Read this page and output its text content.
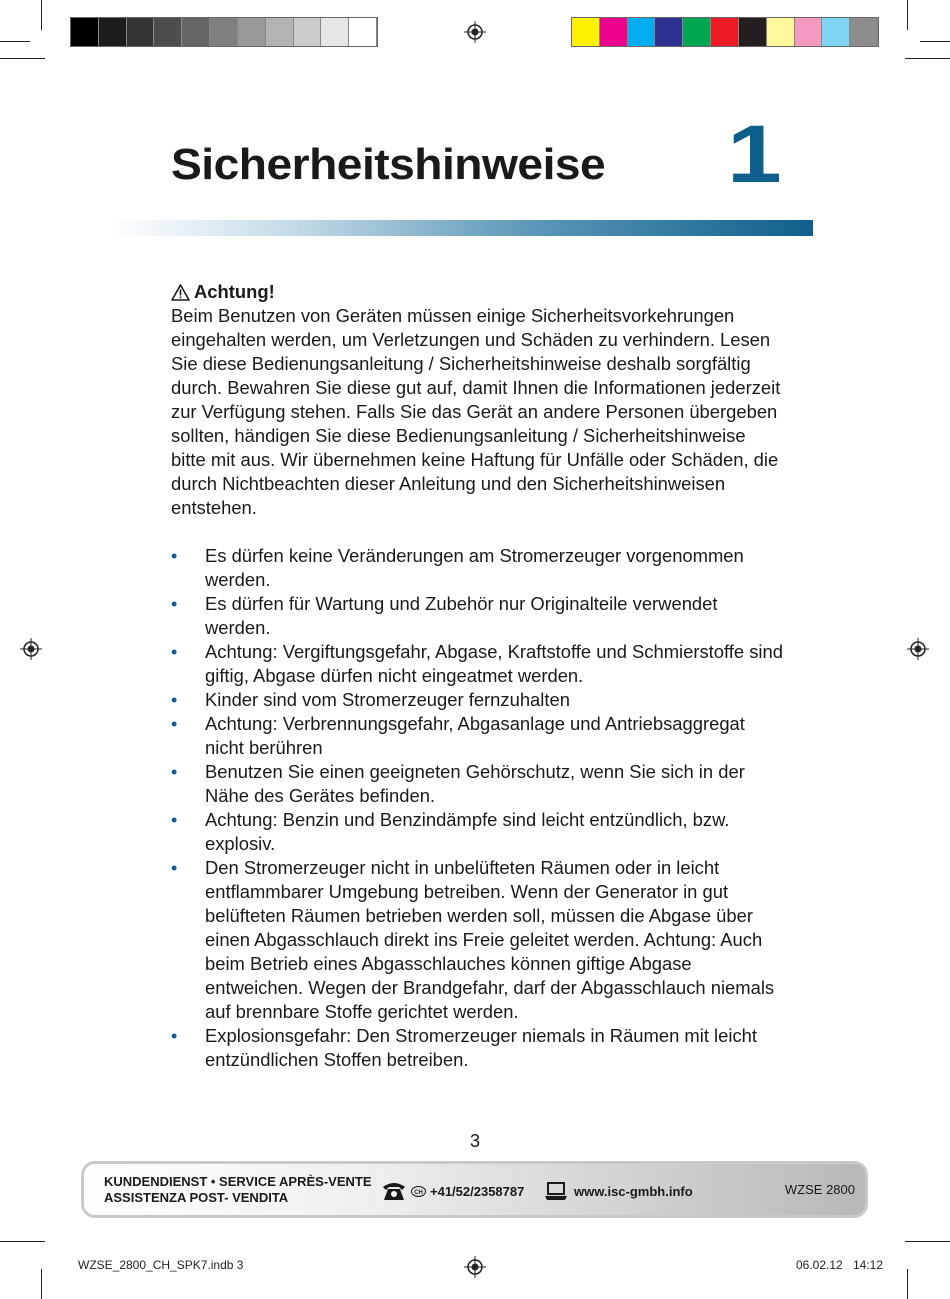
Sicherheitshinweise 1
Achtung!

Beim Benutzen von Geräten müssen einige Sicherheitsvorkehrungen eingehalten werden, um Verletzungen und Schäden zu verhindern. Lesen Sie diese Bedienungsanleitung / Sicherheitshinweise deshalb sorgfältig durch. Bewahren Sie diese gut auf, damit Ihnen die Informationen jederzeit zur Verfügung stehen. Falls Sie das Gerät an andere Personen übergeben sollten, händigen Sie diese Bedienungsanleitung / Sicherheitshinweise bitte mit aus. Wir übernehmen keine Haftung für Unfälle oder Schäden, die durch Nichtbeachten dieser Anleitung und den Sicherheitshinweisen entstehen.

• Es dürfen keine Veränderungen am Stromerzeuger vorgenommen werden.
• Es dürfen für Wartung und Zubehör nur Originalteile verwendet werden.
• Achtung: Vergiftungsgefahr, Abgase, Kraftstoffe und Schmierstoffe sind giftig, Abgase dürfen nicht eingeatmet werden.
• Kinder sind vom Stromerzeuger fernzuhalten
• Achtung: Verbrennungsgefahr, Abgasanlage und Antriebsaggregat nicht berühren
• Benutzen Sie einen geeigneten Gehörschutz, wenn Sie sich in der Nähe des Gerätes befinden.
• Achtung: Benzin und Benzindämpfe sind leicht entzündlich, bzw. explosiv.
• Den Stromerzeuger nicht in unbelüfteten Räumen oder in leicht entflammbarer Umgebung betreiben. Wenn der Generator in gut belüfteten Räumen betrieben werden soll, müssen die Abgase über einen Abgasschlauch direkt ins Freie geleitet werden. Achtung: Auch beim Betrieb eines Abgasschlauches können giftige Abgase entweichen. Wegen der Brandgefahr, darf der Abgasschlauch niemals auf brennbare Stoffe gerichtet werden.
• Explosionsgefahr: Den Stromerzeuger niemals in Räumen mit leicht entzündlichen Stoffen betreiben.
3
KUNDENDIENST • SERVICE APRÈS-VENTE
ASSISTENZA POST- VENDITA	CH +41/52/2358787	www.isc-gmbh.info	WZSE 2800
WZSE_2800_CH_SPK7.indb 3	06.02.12 14:12
